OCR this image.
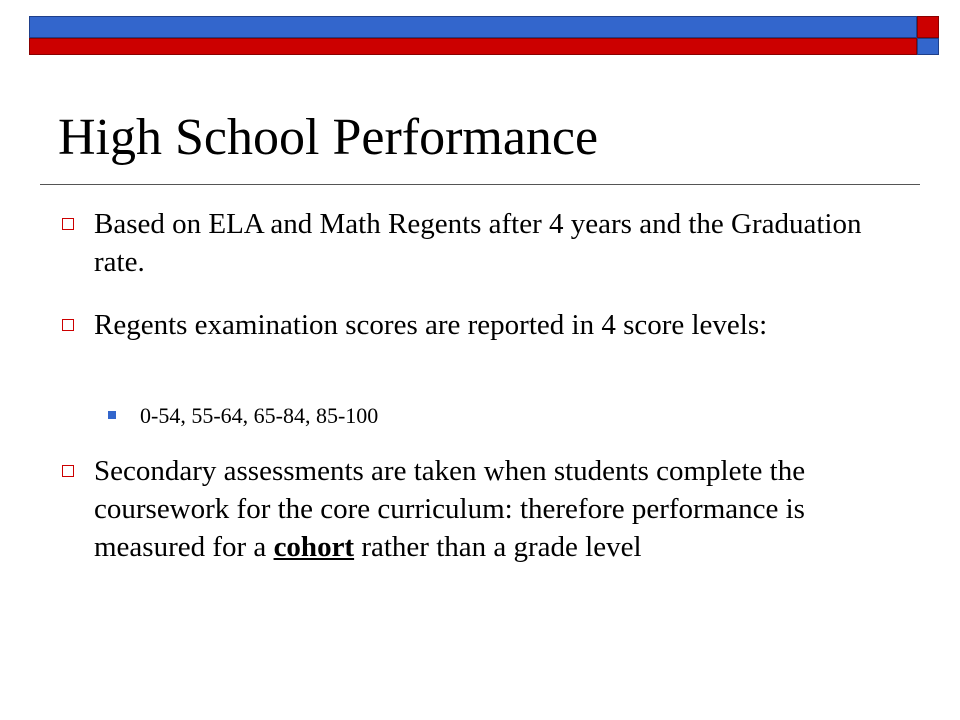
High School Performance
Based on ELA and Math Regents after 4 years and the Graduation rate.
Regents examination scores are reported in 4 score levels:
0-54, 55-64, 65-84, 85-100
Secondary assessments are taken when students complete the coursework for the core curriculum: therefore performance is measured for a cohort rather than a grade level
